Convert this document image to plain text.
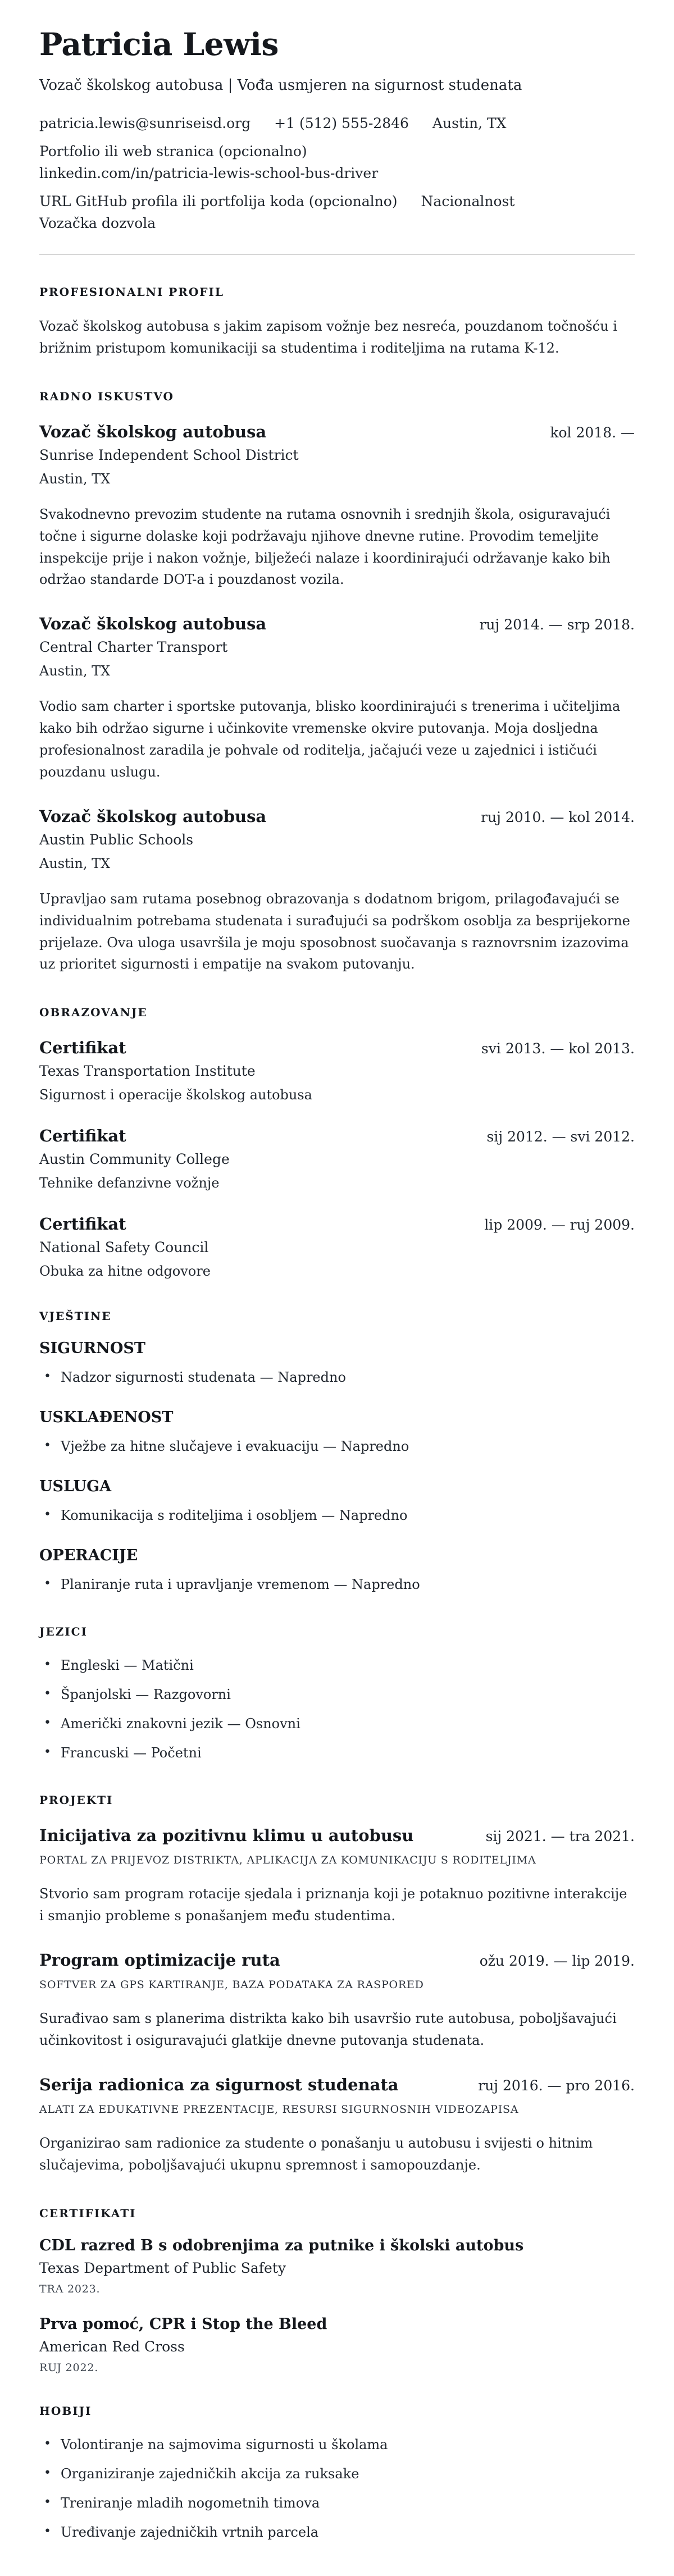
Patricia Lewis

Vozač školskog autobusa | Vođa usmjeren na sigurnost studenata

patricia.lewis@sunriseisd.org +1 (512) 555-2846 Austin, TX
Portfolio ili web stranica (opcionalno)
linkedin.com/in/patricia-lewis-school-bus-driver
URL GitHub profila ili portfolija koda (opcionalno) Nacionalnost
Vozačka dozvola
PROFESIONALNI PROFIL

Vozač školskog autobusa s jakim zapisom vožnje bez nesreća, pouzdanom točnošću i brižnim pristupom komunikaciji sa studentima i roditeljima na rutama K-12.

RADNO ISKUSTVO
Vozač školskog autobusa	kol 2018. —

Sunrise Independent School District

Austin, TX

Svakodnevno prevozim studente na rutama osnovnih i srednjih škola, osiguravajući točne i sigurne dolaske koji podržavaju njihove dnevne rutine. Provodim temeljite inspekcije prije i nakon vožnje, bilježeći nalaze i koordinirajući održavanje kako bih održao standarde DOT-a i pouzdanost vozila.

Vozač školskog autobusa	ruj 2014. — srp 2018.

Central Charter Transport

Austin, TX

Vodio sam charter i sportske putovanja, blisko koordinirajući s trenerima i učiteljima kako bih održao sigurne i učinkovite vremenske okvire putovanja. Moja dosljedna profesionalnost zaradila je pohvale od roditelja, jačajući veze u zajednici i ističući pouzdanu uslugu.

Vozač školskog autobusa	ruj 2010. — kol 2014.

Austin Public Schools

Austin, TX

Upravljao sam rutama posebnog obrazovanja s dodatnom brigom, prilagođavajući se individualnim potrebama studenata i surađujući sa podrškom osoblja za besprijekorne prijelaze. Ova uloga usavršila je moju sposobnost suočavanja s raznovrsnim izazovima uz prioritet sigurnosti i empatije na svakom putovanju.

OBRAZOVANJE
Certifikat	svi 2013. — kol 2013.

Texas Transportation Institute

Sigurnost i operacije školskog autobusa

Certifikat	sij 2012. — svi 2012.

Austin Community College

Tehnike defanzivne vožnje

Certifikat	lip 2009. — ruj 2009.

National Safety Council

Obuka za hitne odgovore

VJEŠTINE
SIGURNOST
• Nadzor sigurnosti studenata — Napredno
USKLAĐENOST
• Vježbe za hitne slučajeve i evakuaciju — Napredno
USLUGA
• Komunikacija s roditeljima i osobljem — Napredno
OPERACIJE
• Planiranje ruta i upravljanje vremenom — Napredno
JEZICI
• Engleski — Matični
• Španjolski — Razgovorni
• Američki znakovni jezik — Osnovni
• Francuski — Početni
PROJEKTI
Inicijativa za pozitivnu klimu u autobusu	sij 2021. — tra 2021.

PORTAL ZA PRIJEVOZ DISTRIKTA, APLIKACIJA ZA KOMUNIKACIJU S RODITELJIMA

Stvorio sam program rotacije sjedala i priznanja koji je potaknuo pozitivne interakcije i smanjio probleme s ponašanjem među studentima.

Program optimizacije ruta	ožu 2019. — lip 2019.

SOFTVER ZA GPS KARTIRANJE, BAZA PODATAKA ZA RASPORED

Surađivao sam s planerima distrikta kako bih usavršio rute autobusa, poboljšavajući učinkovitost i osiguravajući glatkije dnevne putovanja studenata.

Serija radionica za sigurnost studenata	ruj 2016. — pro 2016.

ALATI ZA EDUKATIVNE PREZENTACIJE, RESURSI SIGURNOSNIH VIDEOZAPISA

Organizirao sam radionice za studente o ponašanju u autobusu i svijesti o hitnim slučajevima, poboljšavajući ukupnu spremnost i samopouzdanje.

CERTIFIKATI
CDL razred B s odobrenjima za putnike i školski autobus

Texas Department of Public Safety

TRA 2023.

Prva pomoć, CPR i Stop the Bleed

American Red Cross

RUJ 2022.

HOBIJI
• Volontiranje na sajmovima sigurnosti u školama
• Organiziranje zajedničkih akcija za ruksake
• Treniranje mladih nogometnih timova
• Uređivanje zajedničkih vrtnih parcela
